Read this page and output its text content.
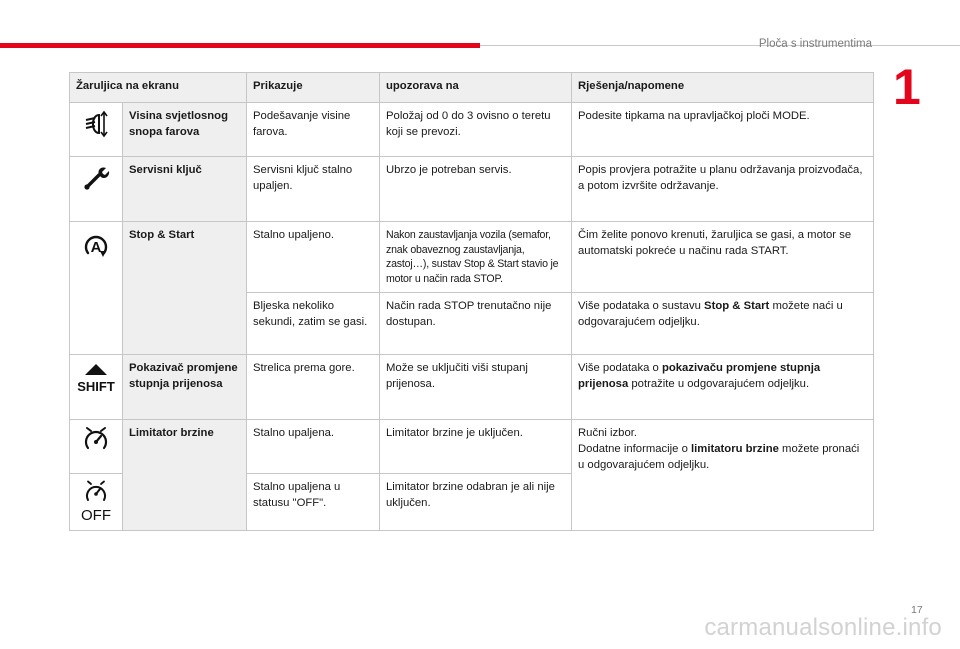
Ploča s instrumentima
1
Žaruljica na ekranu		Prikazuje	upozorava na	Rješenja/napomene

	Visina svjetlosnog snopa farova	Podešavanje visine farova.	Položaj od 0 do 3 ovisno o teretu koji se prevozi.	Podesite tipkama na upravljačkoj ploči MODE.

	Servisni ključ	Servisni ključ stalno upaljen.	Ubrzo je potreban servis.	Popis provjera potražite u planu održavanja proizvođača, a potom izvršite održavanje.

A	Stop & Start	Stalno upaljeno.	Nakon zaustavljanja vozila (semafor, znak obaveznog zaustavljanja, zastoj…), sustav Stop & Start stavio je motor u način rada STOP.	Čim želite ponovo krenuti, žaruljica se gasi, a motor se automatski pokreće u načinu rada START.
		Bljeska nekoliko sekundi, zatim se gasi.	Način rada STOP trenutačno nije dostupan.	Više podataka o sustavu Stop & Start možete naći u odgovarajućem odjeljku.

SHIFT	Pokazivač promjene stupnja prijenosa	Strelica prema gore.	Može se uključiti viši stupanj prijenosa.	Više podataka o pokazivaču promjene stupnja prijenosa potražite u odgovarajućem odjeljku.

	Limitator brzine	Stalno upaljena.	Limitator brzine je uključen.	Ručni izbor.
Dodatne informacije o limitatoru brzine možete pronaći u odgovarajućem odjeljku.

OFF		Stalno upaljena u statusu "OFF".	Limitator brzine odabran je ali nije uključen.	
17
carmanualsonline.info
